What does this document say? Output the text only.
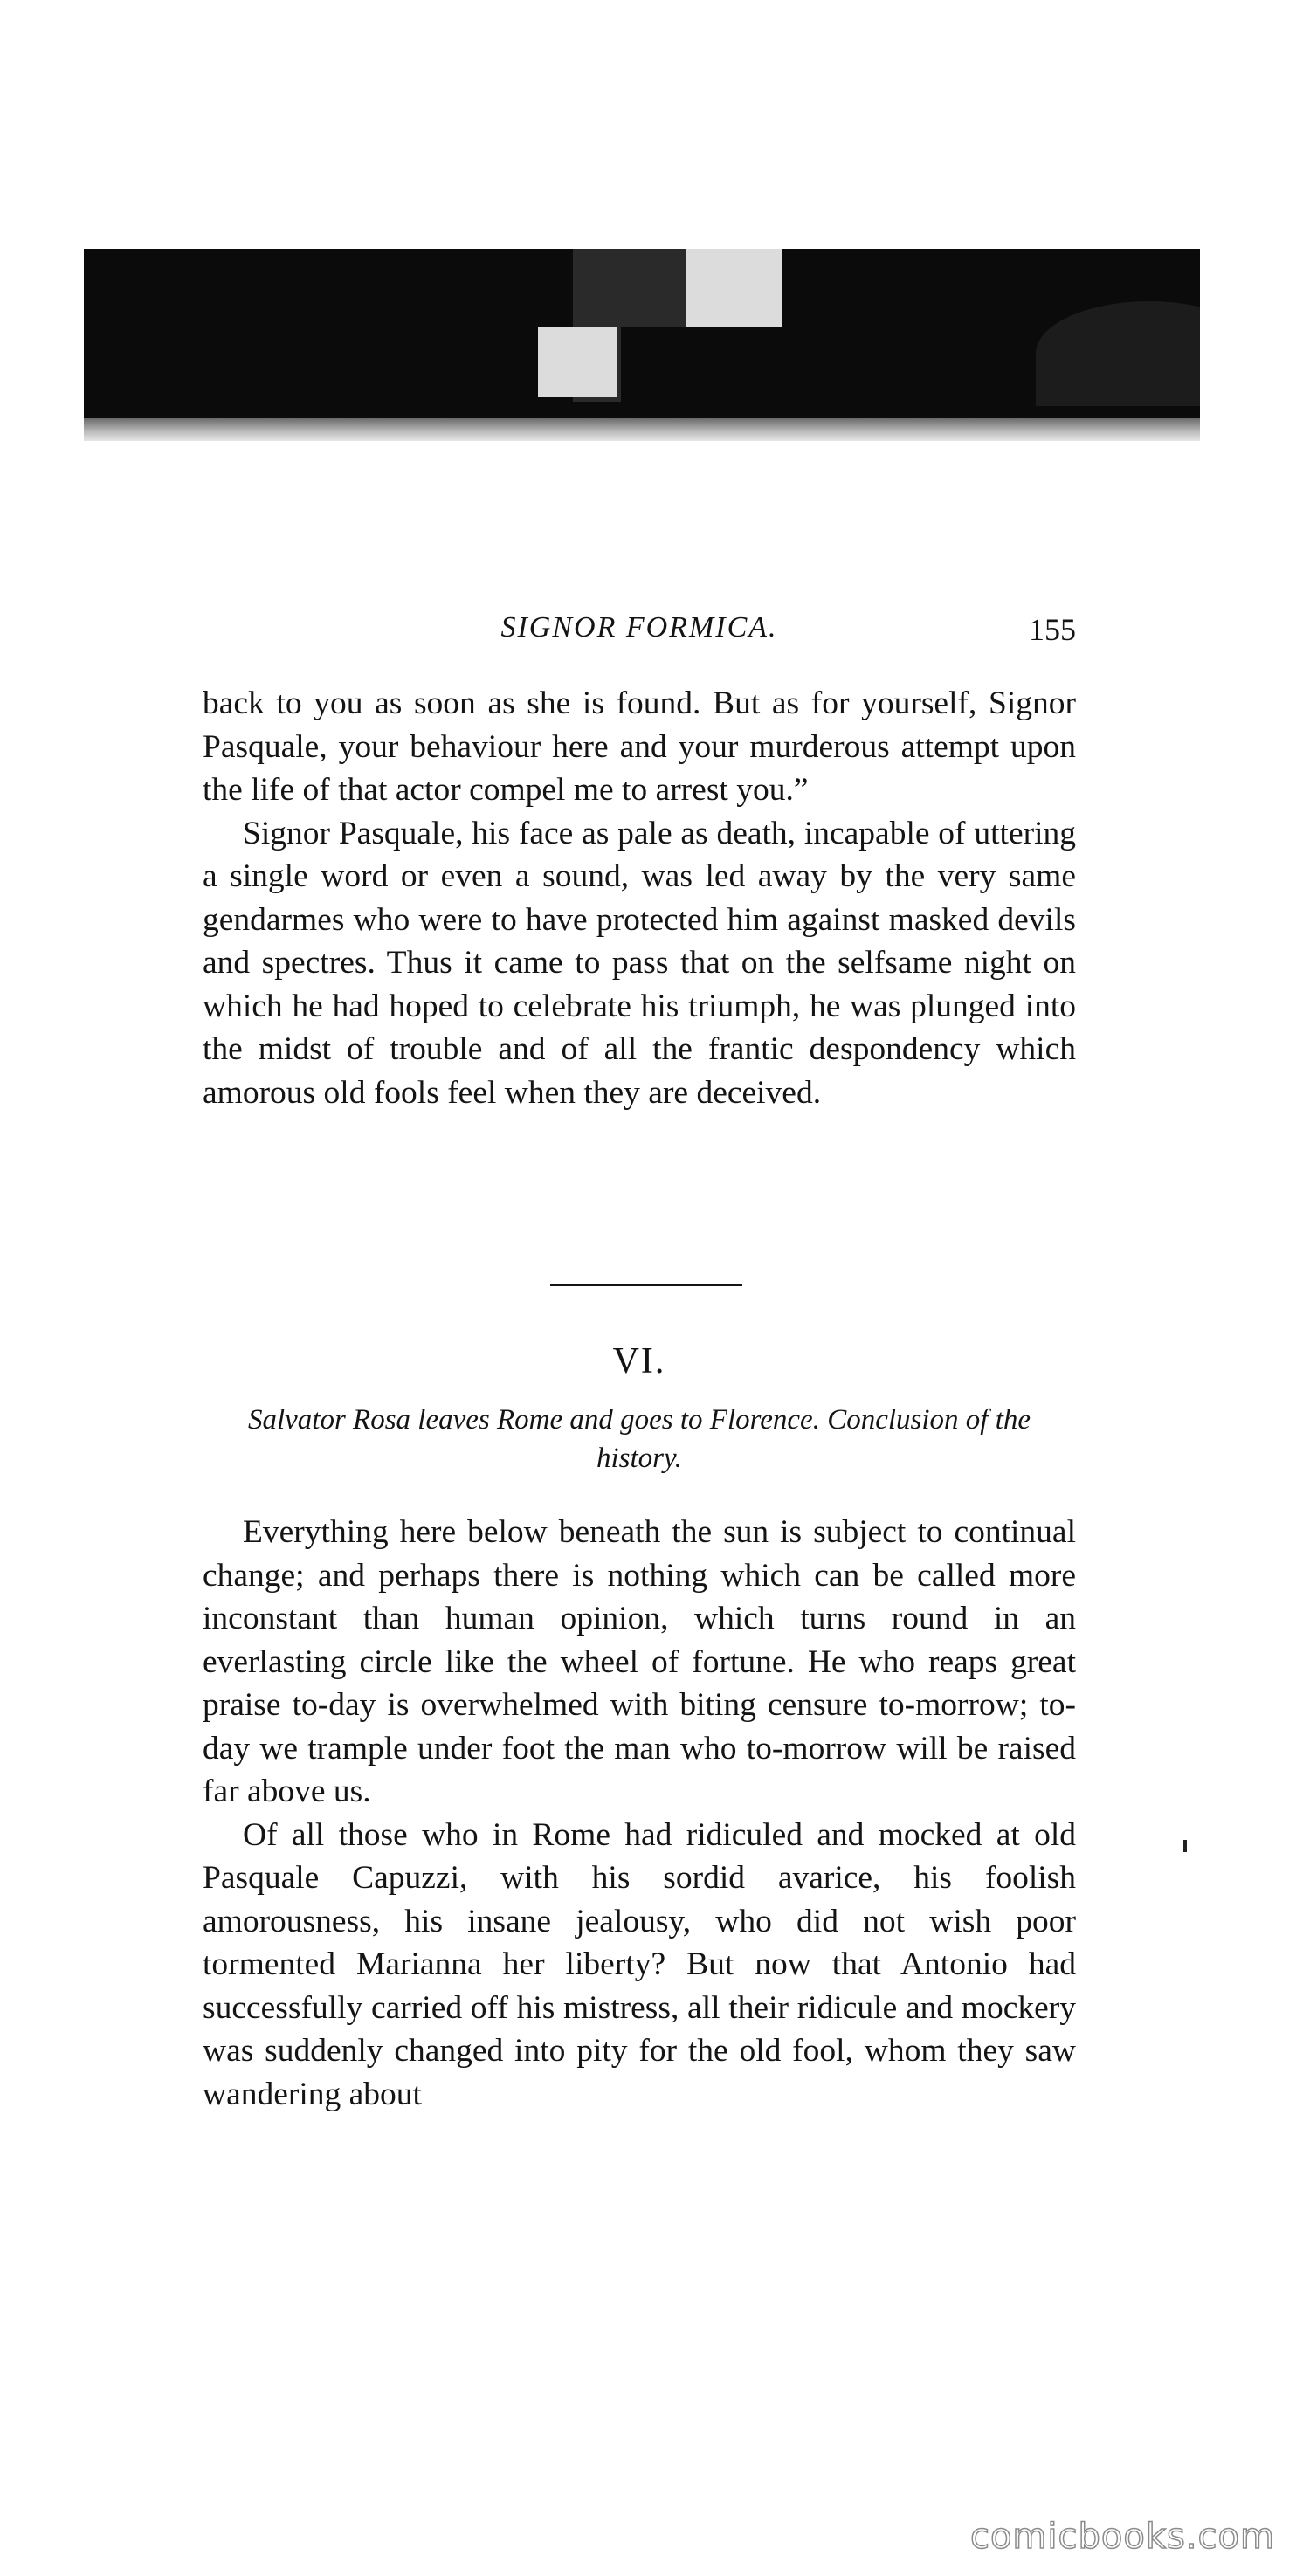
SIGNOR FORMICA.	155

back to you as soon as she is found. But as for yourself, Signor Pasquale, your behaviour here and your murderous attempt upon the life of that actor compel me to arrest you.”

Signor Pasquale, his face as pale as death, incapable of uttering a single word or even a sound, was led away by the very same gendarmes who were to have protected him against masked devils and spectres. Thus it came to pass that on the selfsame night on which he had hoped to celebrate his triumph, he was plunged into the midst of trouble and of all the frantic despondency which amorous old fools feel when they are deceived.

VI.
Salvator Rosa leaves Rome and goes to Florence. Conclusion of the history.

Everything here below beneath the sun is subject to continual change; and perhaps there is nothing which can be called more inconstant than human opinion, which turns round in an everlasting circle like the wheel of fortune. He who reaps great praise to-day is overwhelmed with biting censure to-morrow; to-day we trample under foot the man who to-morrow will be raised far above us.

Of all those who in Rome had ridiculed and mocked at old Pasquale Capuzzi, with his sordid avarice, his foolish amorousness, his insane jealousy, who did not wish poor tormented Marianna her liberty? But now that Antonio had successfully carried off his mistress, all their ridicule and mockery was suddenly changed into pity for the old fool, whom they saw wandering about

comicbooks.com
